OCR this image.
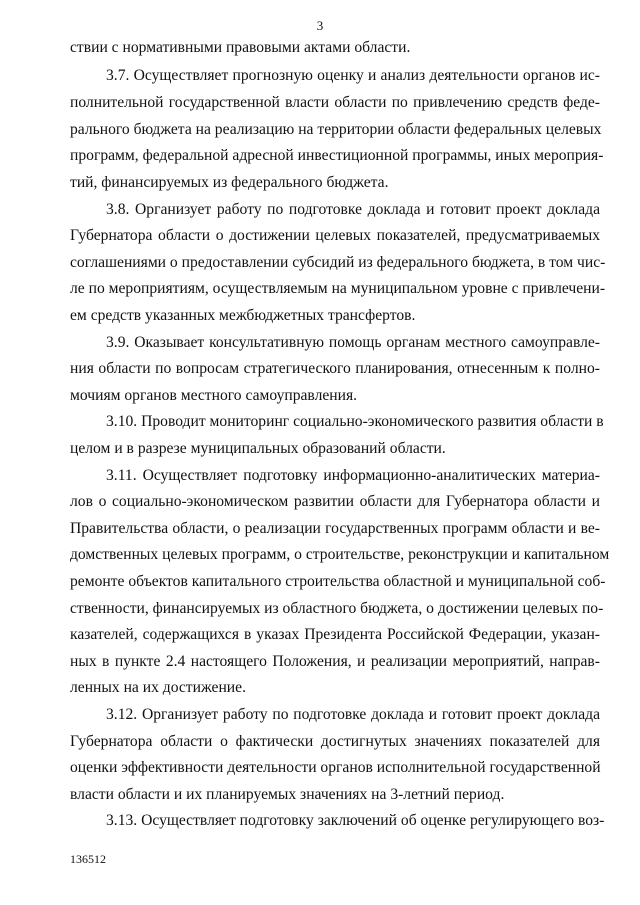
3
ствии с нормативными правовыми актами области.
3.7. Осуществляет прогнозную оценку и анализ деятельности органов ис-
полнительной государственной власти области по привлечению средств феде-
рального бюджета на реализацию на территории области федеральных целевых
программ, федеральной адресной инвестиционной программы, иных мероприя-
тий, финансируемых из федерального бюджета.
3.8. Организует работу по подготовке доклада и готовит проект доклада
Губернатора области о достижении целевых показателей, предусматриваемых
соглашениями о предоставлении субсидий из федерального бюджета, в том чис-
ле по мероприятиям, осуществляемым на муниципальном уровне с привлечени-
ем средств указанных межбюджетных трансфертов.
3.9. Оказывает консультативную помощь органам местного самоуправле-
ния области по вопросам стратегического планирования, отнесенным к полно-
мочиям органов местного самоуправления.
3.10. Проводит мониторинг социально-экономического развития области в
целом и в разрезе муниципальных образований области.
3.11. Осуществляет подготовку информационно-аналитических материа-
лов о социально-экономическом развитии области для Губернатора области и
Правительства области, о реализации государственных программ области и ве-
домственных целевых программ, о строительстве, реконструкции и капитальном
ремонте объектов капитального строительства областной и муниципальной соб-
ственности, финансируемых из областного бюджета, о достижении целевых по-
казателей, содержащихся в указах Президента Российской Федерации, указан-
ных в пункте 2.4 настоящего Положения, и реализации мероприятий, направ-
ленных на их достижение.
3.12. Организует работу по подготовке доклада и готовит проект доклада
Губернатора области о фактически достигнутых значениях показателей для
оценки эффективности деятельности органов исполнительной государственной
власти области и их планируемых значениях на 3-летний период.
3.13. Осуществляет подготовку заключений об оценке регулирующего воз-
136512
